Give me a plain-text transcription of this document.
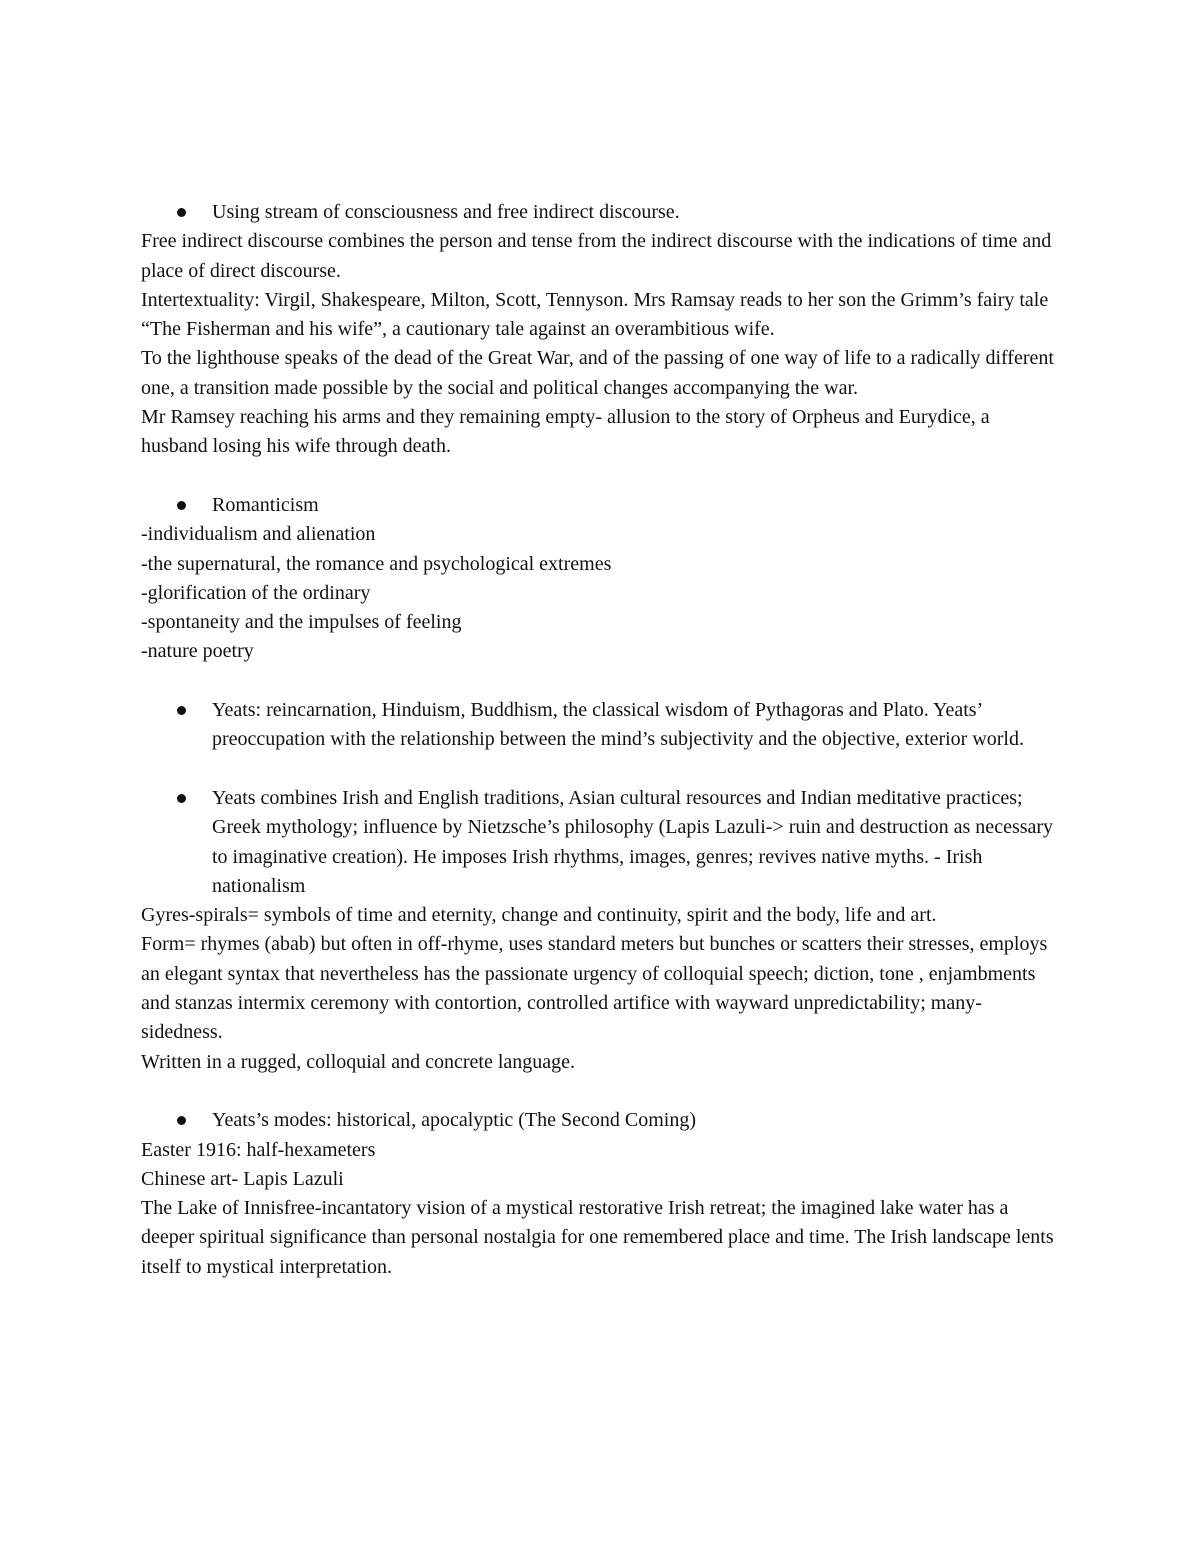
Using stream of consciousness and free indirect discourse.

Free indirect discourse combines the person and tense from the indirect discourse with the indications of time and place of direct discourse.

Intertextuality: Virgil, Shakespeare, Milton, Scott, Tennyson. Mrs Ramsay reads to her son the Grimm’s fairy tale “The Fisherman and his wife”, a cautionary tale against an overambitious wife.

To the lighthouse speaks of the dead of the Great War, and of the passing of one way of life to a radically different one, a transition made possible by the social and political changes accompanying the war.

Mr Ramsey reaching his arms and they remaining empty- allusion to the story of Orpheus and Eurydice, a husband losing his wife through death.

Romanticism

-individualism and alienation

-the supernatural, the romance and psychological extremes

-glorification of the ordinary

-spontaneity and the impulses of feeling

-nature poetry

Yeats: reincarnation, Hinduism, Buddhism, the classical wisdom of Pythagoras and Plato. Yeats’ preoccupation with the relationship between the mind’s subjectivity and the objective, exterior world.

Yeats combines Irish and English traditions, Asian cultural resources and Indian meditative practices; Greek mythology; influence by Nietzsche’s philosophy (Lapis Lazuli-> ruin and destruction as necessary to imaginative creation). He imposes Irish rhythms, images, genres; revives native myths. - Irish nationalism

Gyres-spirals= symbols of time and eternity, change and continuity, spirit and the body, life and art.

Form= rhymes (abab) but often in off-rhyme, uses standard meters but bunches or scatters their stresses, employs an elegant syntax that nevertheless has the passionate urgency of colloquial speech; diction, tone , enjambments and stanzas intermix ceremony with contortion, controlled artifice with wayward unpredictability; many-sidedness.

Written in a rugged, colloquial and concrete language.

Yeats’s modes: historical, apocalyptic (The Second Coming)

Easter 1916: half-hexameters

Chinese art- Lapis Lazuli

The Lake of Innisfree-incantatory vision of a mystical restorative Irish retreat; the imagined lake water has a deeper spiritual significance than personal nostalgia for one remembered place and time. The Irish landscape lents itself to mystical interpretation.
